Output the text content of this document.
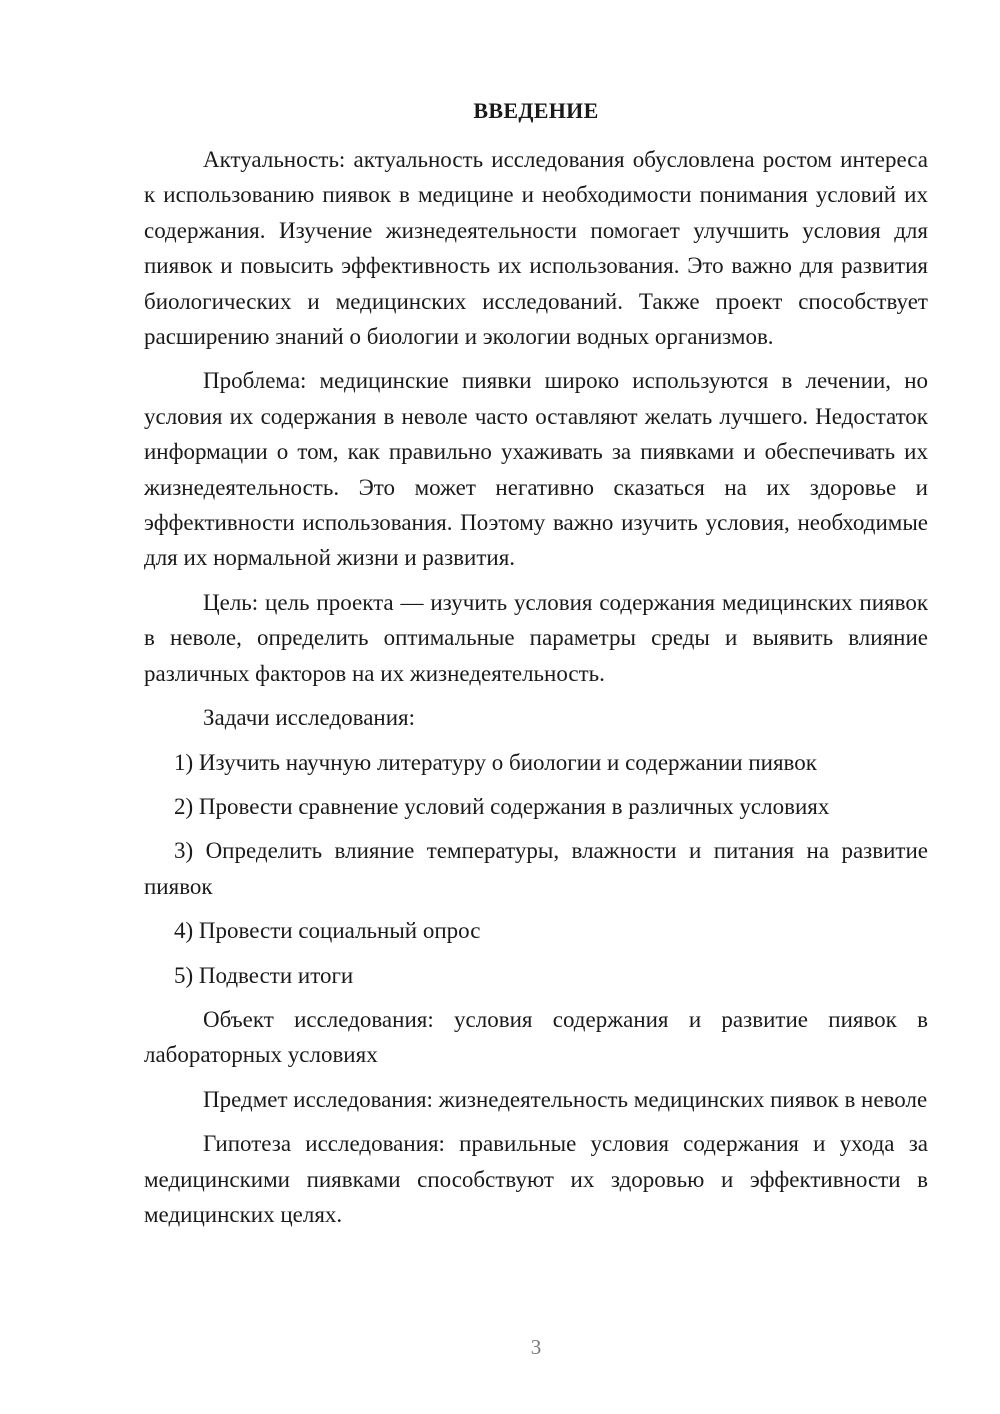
ВВЕДЕНИЕ

Актуальность: актуальность исследования обусловлена ростом интереса к использованию пиявок в медицине и необходимости понимания условий их содержания. Изучение жизнедеятельности помогает улучшить условия для пиявок и повысить эффективность их использования. Это важно для развития биологических и медицинских исследований. Также проект способствует расширению знаний о биологии и экологии водных организмов.

Проблема: медицинские пиявки широко используются в лечении, но условия их содержания в неволе часто оставляют желать лучшего. Недостаток информации о том, как правильно ухаживать за пиявками и обеспечивать их жизнедеятельность. Это может негативно сказаться на их здоровье и эффективности использования. Поэтому важно изучить условия, необходимые для их нормальной жизни и развития.

Цель: цель проекта — изучить условия содержания медицинских пиявок в неволе, определить оптимальные параметры среды и выявить влияние различных факторов на их жизнедеятельность.

Задачи исследования:

1) Изучить научную литературу о биологии и содержании пиявок

2) Провести сравнение условий содержания в различных условиях

3) Определить влияние температуры, влажности и питания на развитие пиявок

4) Провести социальный опрос

5) Подвести итоги

Объект исследования: условия содержания и развитие пиявок в лабораторных условиях

Предмет исследования: жизнедеятельность медицинских пиявок в неволе

Гипотеза исследования: правильные условия содержания и ухода за медицинскими пиявками способствуют их здоровью и эффективности в медицинских целях.

3
